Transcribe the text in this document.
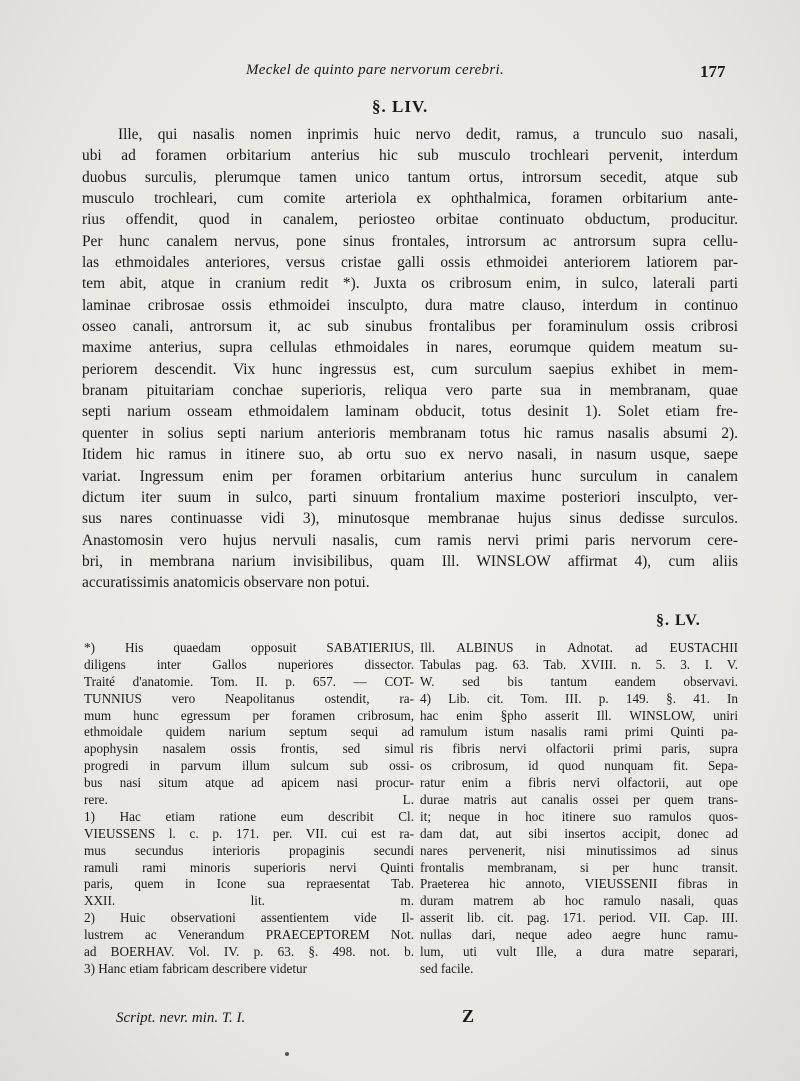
Meckel de quinto pare nervorum cerebri.	177
§. LIV.
Ille, qui nasalis nomen inprimis huic nervo dedit, ramus, a trunculo suo nasali,
ubi ad foramen orbitarium anterius hic sub musculo trochleari pervenit, interdum
duobus surculis, plerumque tamen unico tantum ortus, introrsum secedit, atque sub
musculo trochleari, cum comite arteriola ex ophthalmica, foramen orbitarium ante-
rius offendit, quod in canalem, periosteo orbitae continuato obductum, producitur.
Per hunc canalem nervus, pone sinus frontales, introrsum ac antrorsum supra cellu-
las ethmoidales anteriores, versus cristae galli ossis ethmoidei anteriorem latiorem par-
tem abit, atque in cranium redit *). Juxta os cribrosum enim, in sulco, laterali parti
laminae cribrosae ossis ethmoidei insculpto, dura matre clauso, interdum in continuo
osseo canali, antrorsum it, ac sub sinubus frontalibus per foraminulum ossis cribrosi
maxime anterius, supra cellulas ethmoidales in nares, eorumque quidem meatum su-
periorem descendit. Vix hunc ingressus est, cum surculum saepius exhibet in mem-
branam pituitariam conchae superioris, reliqua vero parte sua in membranam, quae
septi narium osseam ethmoidalem laminam obducit, totus desinit 1). Solet etiam fre-
quenter in solius septi narium anterioris membranam totus hic ramus nasalis absumi 2).
Itidem hic ramus in itinere suo, ab ortu suo ex nervo nasali, in nasum usque, saepe
variat. Ingressum enim per foramen orbitarium anterius hunc surculum in canalem
dictum iter suum in sulco, parti sinuum frontalium maxime posteriori insculpto, ver-
sus nares continuasse vidi 3), minutosque membranae hujus sinus dedisse surculos.
Anastomosin vero hujus nervuli nasalis, cum ramis nervi primi paris nervorum cere-
bri, in membrana narium invisibilibus, quam Ill. WINSLOW affirmat 4), cum aliis
accuratissimis anatomicis observare non potui.
§. LV.
*) His quaedam opposuit SABATIERIUS,
diligens inter Gallos nuperiores dissector.
Traité d'anatomie. Tom. II. p. 657. — COT-
TUNNIUS vero Neapolitanus ostendit, ra-
mum hunc egressum per foramen cribrosum,
ethmoidale quidem narium septum sequi ad
apophysin nasalem ossis frontis, sed simul
progredi in parvum illum sulcum sub ossi-
bus nasi situm atque ad apicem nasi procur-
rere. L.
1) Hac etiam ratione eum describit Cl.
VIEUSSENS l. c. p. 171. per. VII. cui est ra-
mus secundus interioris propaginis secundi
ramuli rami minoris superioris nervi Quinti
paris, quem in Icone sua repraesentat Tab.
XXII. lit. m.
2) Huic observationi assentientem vide Il-
lustrem ac Venerandum PRAECEPTOREM Not.
ad BOERHAV. Vol. IV. p. 63. §. 498. not. b.
3) Hanc etiam fabricam describere videtur
Ill. ALBINUS in Adnotat. ad EUSTACHII
Tabulas pag. 63. Tab. XVIII. n. 5. 3. I. V.
W. sed bis tantum eandem observavi.
4) Lib. cit. Tom. III. p. 149. §. 41. In
hac enim §pho asserit Ill. WINSLOW, uniri
ramulum istum nasalis rami primi Quinti pa-
ris fibris nervi olfactorii primi paris, supra
os cribrosum, id quod nunquam fit. Sepa-
ratur enim a fibris nervi olfactorii, aut ope
durae matris aut canalis ossei per quem trans-
it; neque in hoc itinere suo ramulos quos-
dam dat, aut sibi insertos accipit, donec ad
nares pervenerit, nisi minutissimos ad sinus
frontalis membranam, si per hunc transit.
Praeterea hic annoto, VIEUSSENII fibras in
duram matrem ab hoc ramulo nasali, quas
asserit lib. cit. pag. 171. period. VII. Cap. III.
nullas dari, neque adeo aegre hunc ramu-
lum, uti vult Ille, a dura matre separari,
sed facile.
Script. nevr. min. T. I.	Z
